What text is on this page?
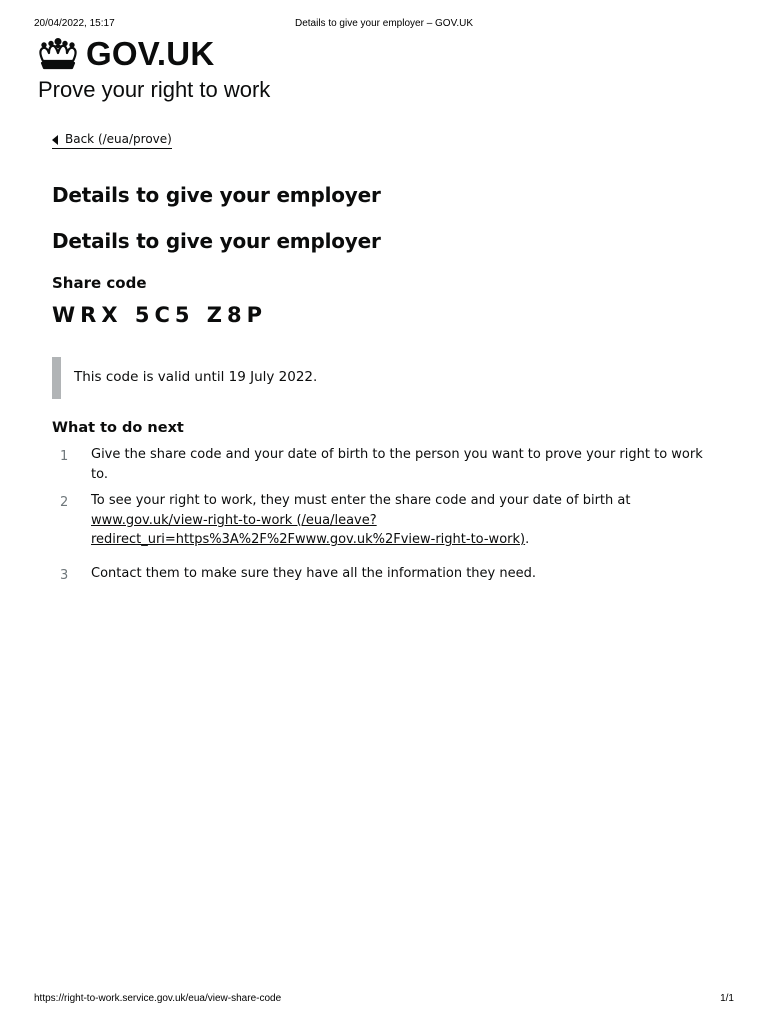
20/04/2022, 15:17	Details to give your employer – GOV.UK
GOV.UK
Prove your right to work
Back (/eua/prove)
Details to give your employer
Details to give your employer
Share code
WRX 5C5 Z8P
This code is valid until 19 July 2022.
What to do next
1 Give the share code and your date of birth to the person you want to prove your right to work to.
2 To see your right to work, they must enter the share code and your date of birth at
www.gov.uk/view-right-to-work (/eua/leave?redirect_uri=https%3A%2F%2Fwww.gov.uk%2Fview-right-to-work).
3 Contact them to make sure they have all the information they need.
https://right-to-work.service.gov.uk/eua/view-share-code	1/1
